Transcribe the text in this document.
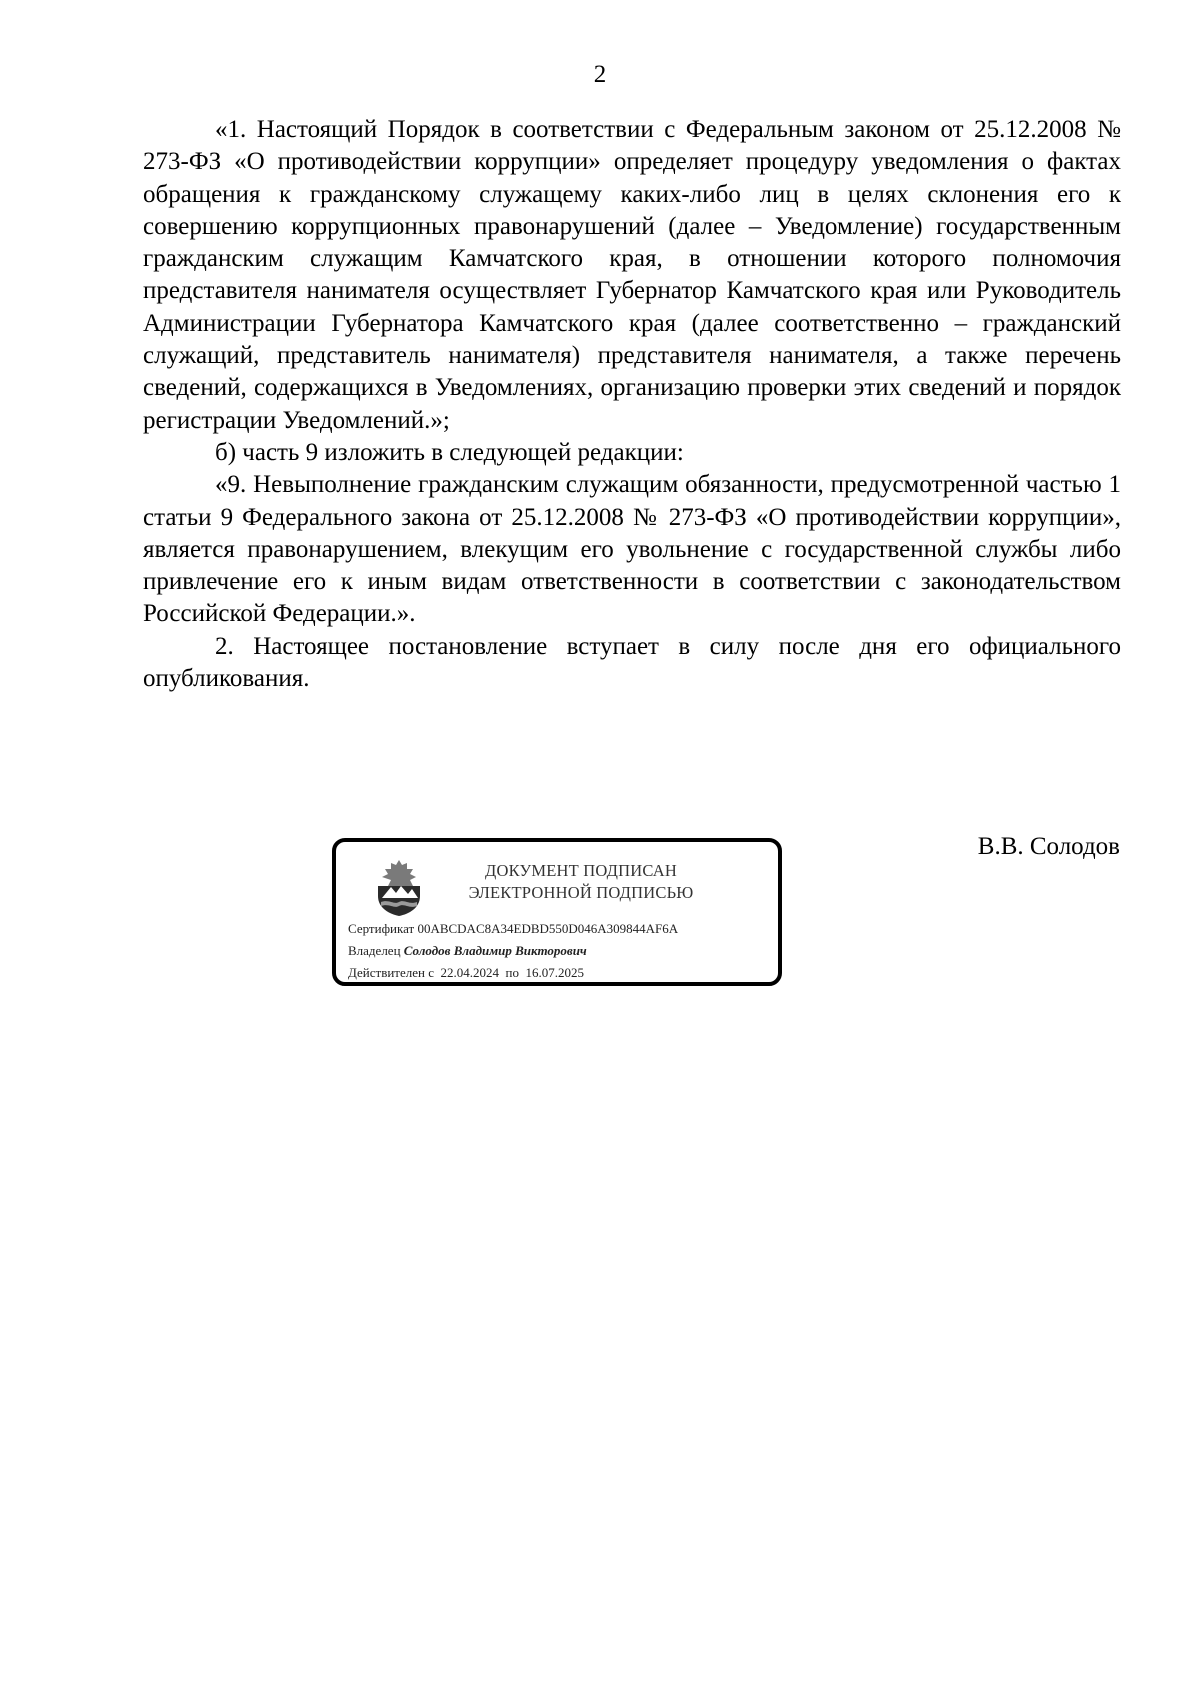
2

«1. Настоящий Порядок в соответствии с Федеральным законом от 25.12.2008 № 273-ФЗ «О противодействии коррупции» определяет процедуру уведомления о фактах обращения к гражданскому служащему каких-либо лиц в целях склонения его к совершению коррупционных правонарушений (далее – Уведомление) государственным гражданским служащим Камчатского края, в отношении которого полномочия представителя нанимателя осуществляет Губернатор Камчатского края или Руководитель Администрации Губернатора Камчатского края (далее соответственно – гражданский служащий, представитель нанимателя) представителя нанимателя, а также перечень сведений, содержащихся в Уведомлениях, организацию проверки этих сведений и порядок регистрации Уведомлений.»;

б) часть 9 изложить в следующей редакции:

«9. Невыполнение гражданским служащим обязанности, предусмотренной частью 1 статьи 9 Федерального закона от 25.12.2008 № 273-ФЗ «О противодействии коррупции», является правонарушением, влекущим его увольнение с государственной службы либо привлечение его к иным видам ответственности в соответствии с законодательством Российской Федерации.».

2. Настоящее постановление вступает в силу после дня его официального опубликования.

ДОКУМЕНТ ПОДПИСАН
ЭЛЕКТРОННОЙ ПОДПИСЬЮ
Сертификат 00ABCDAC8A34EDBD550D046A309844AF6A
Владелец Солодов Владимир Викторович
Действителен с 22.04.2024 по 16.07.2025
В.В. Солодов
